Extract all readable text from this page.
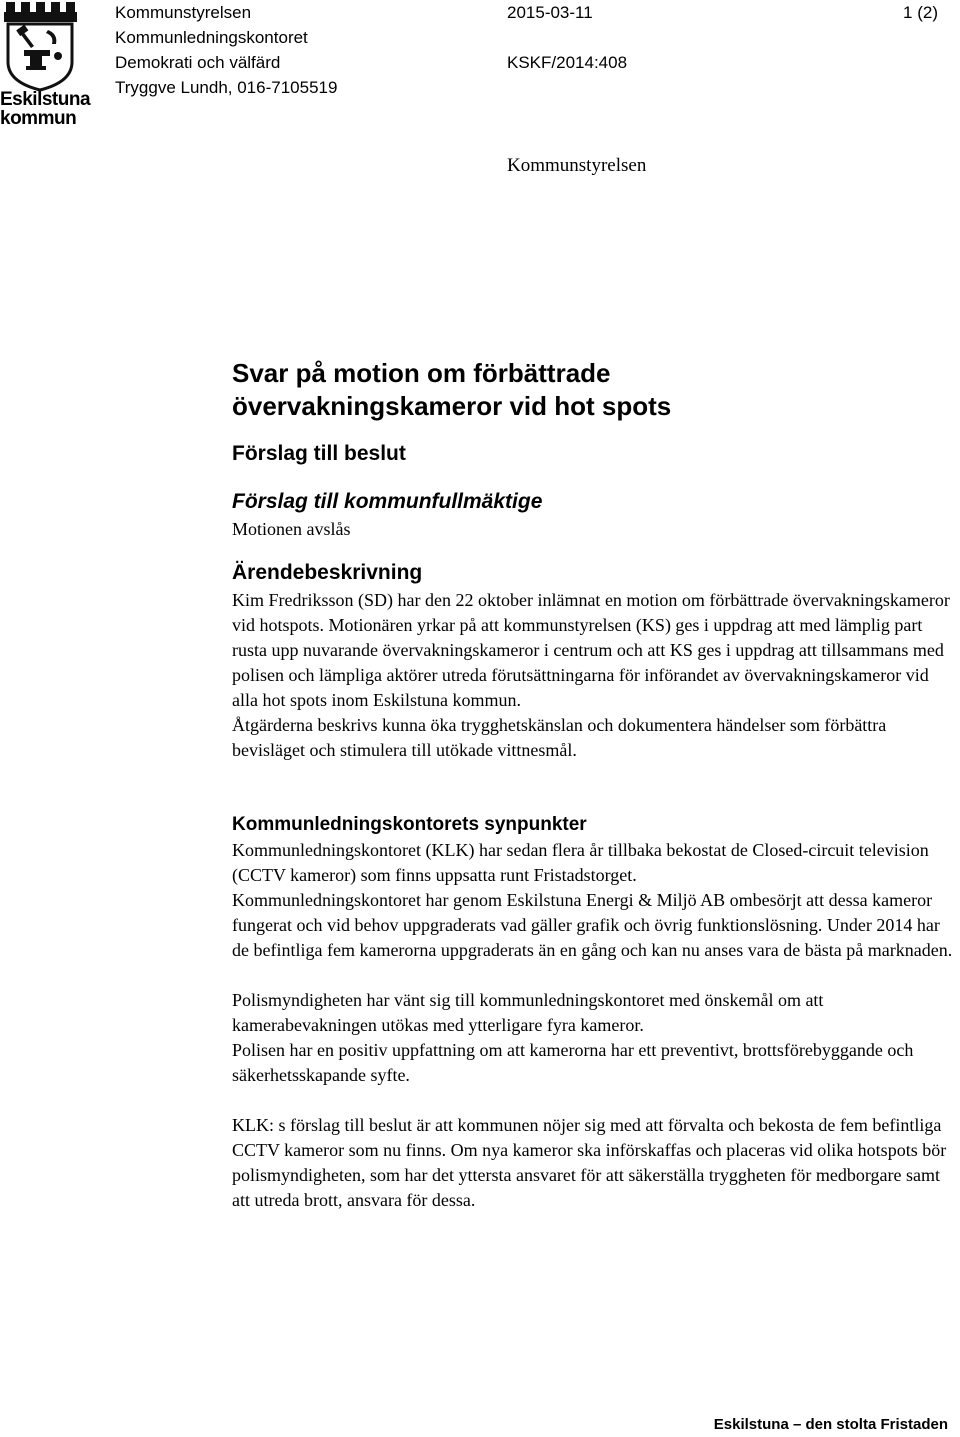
Eskilstuna
kommun
Kommunstyrelsen
Kommunledningskontoret
Demokrati och välfärd
Tryggve Lundh, 016-7105519
2015-03-11
KSKF/2014:408
1 (2)
Kommunstyrelsen
Svar på motion om förbättrade
övervakningskameror vid hot spots
Förslag till beslut
Förslag till kommunfullmäktige
Motionen avslås
Ärendebeskrivning
Kim Fredriksson (SD) har den 22 oktober inlämnat en motion om förbättrade övervakningskameror vid hotspots. Motionären yrkar på att kommunstyrelsen (KS) ges i uppdrag att med lämplig part rusta upp nuvarande övervakningskameror i centrum och att KS ges i uppdrag att tillsammans med polisen och lämpliga aktörer utreda förutsättningarna för införandet av övervakningskameror vid alla hot spots inom Eskilstuna kommun.
Åtgärderna beskrivs kunna öka trygghetskänslan och dokumentera händelser som förbättra bevisläget och stimulera till utökade vittnesmål.
Kommunledningskontorets synpunkter
Kommunledningskontoret (KLK) har sedan flera år tillbaka bekostat de Closed-circuit television (CCTV kameror) som finns uppsatta runt Fristadstorget.
Kommunledningskontoret har genom Eskilstuna Energi & Miljö AB ombesörjt att dessa kameror fungerat och vid behov uppgraderats vad gäller grafik och övrig funktionslösning. Under 2014 har de befintliga fem kamerorna uppgraderats än en gång och kan nu anses vara de bästa på marknaden.
Polismyndigheten har vänt sig till kommunledningskontoret med önskemål om att kamerabevakningen utökas med ytterligare fyra kameror.
Polisen har en positiv uppfattning om att kamerorna har ett preventivt, brottsförebyggande och säkerhetsskapande syfte.
KLK: s förslag till beslut är att kommunen nöjer sig med att förvalta och bekosta de fem befintliga CCTV kameror som nu finns. Om nya kameror ska införskaffas och placeras vid olika hotspots bör polismyndigheten, som har det yttersta ansvaret för att säkerställa tryggheten för medborgare samt att utreda brott, ansvara för dessa.
Eskilstuna – den stolta Fristaden
